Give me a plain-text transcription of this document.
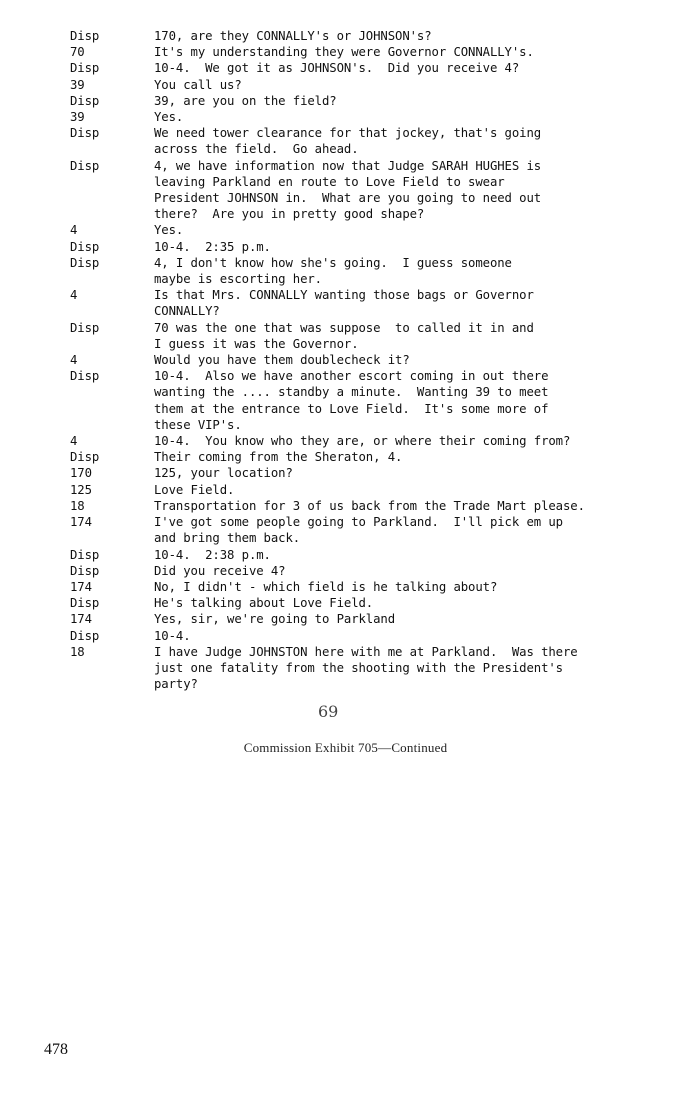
Disp	170, are they CONNALLY's or JOHNSON's?
70	It's my understanding they were Governor CONNALLY's.
Disp	10-4.  We got it as JOHNSON's.  Did you receive 4?
39	You call us?
Disp	39, are you on the field?
39	Yes.
Disp	We need tower clearance for that jockey, that's going
across the field.  Go ahead.
Disp	4, we have information now that Judge SARAH HUGHES is
leaving Parkland en route to Love Field to swear
President JOHNSON in.  What are you going to need out
there?  Are you in pretty good shape?
4	Yes.
Disp	10-4.  2:35 p.m.
Disp	4, I don't know how she's going.  I guess someone
maybe is escorting her.
4	Is that Mrs. CONNALLY wanting those bags or Governor
CONNALLY?
Disp	70 was the one that was suppose  to called it in and
I guess it was the Governor.
4	Would you have them doublecheck it?
Disp	10-4.  Also we have another escort coming in out there
wanting the .... standby a minute.  Wanting 39 to meet
them at the entrance to Love Field.  It's some more of
these VIP's.
4	10-4.  You know who they are, or where their coming from?
Disp	Their coming from the Sheraton, 4.
170	125, your location?
125	Love Field.
18	Transportation for 3 of us back from the Trade Mart please.
174	I've got some people going to Parkland.  I'll pick em up
and bring them back.
Disp	10-4.  2:38 p.m.
Disp	Did you receive 4?
174	No, I didn't - which field is he talking about?
Disp	He's talking about Love Field.
174	Yes, sir, we're going to Parkland
Disp	10-4.
18	I have Judge JOHNSTON here with me at Parkland.  Was there
just one fatality from the shooting with the President's
party?
69
Commission Exhibit 705—Continued
478
